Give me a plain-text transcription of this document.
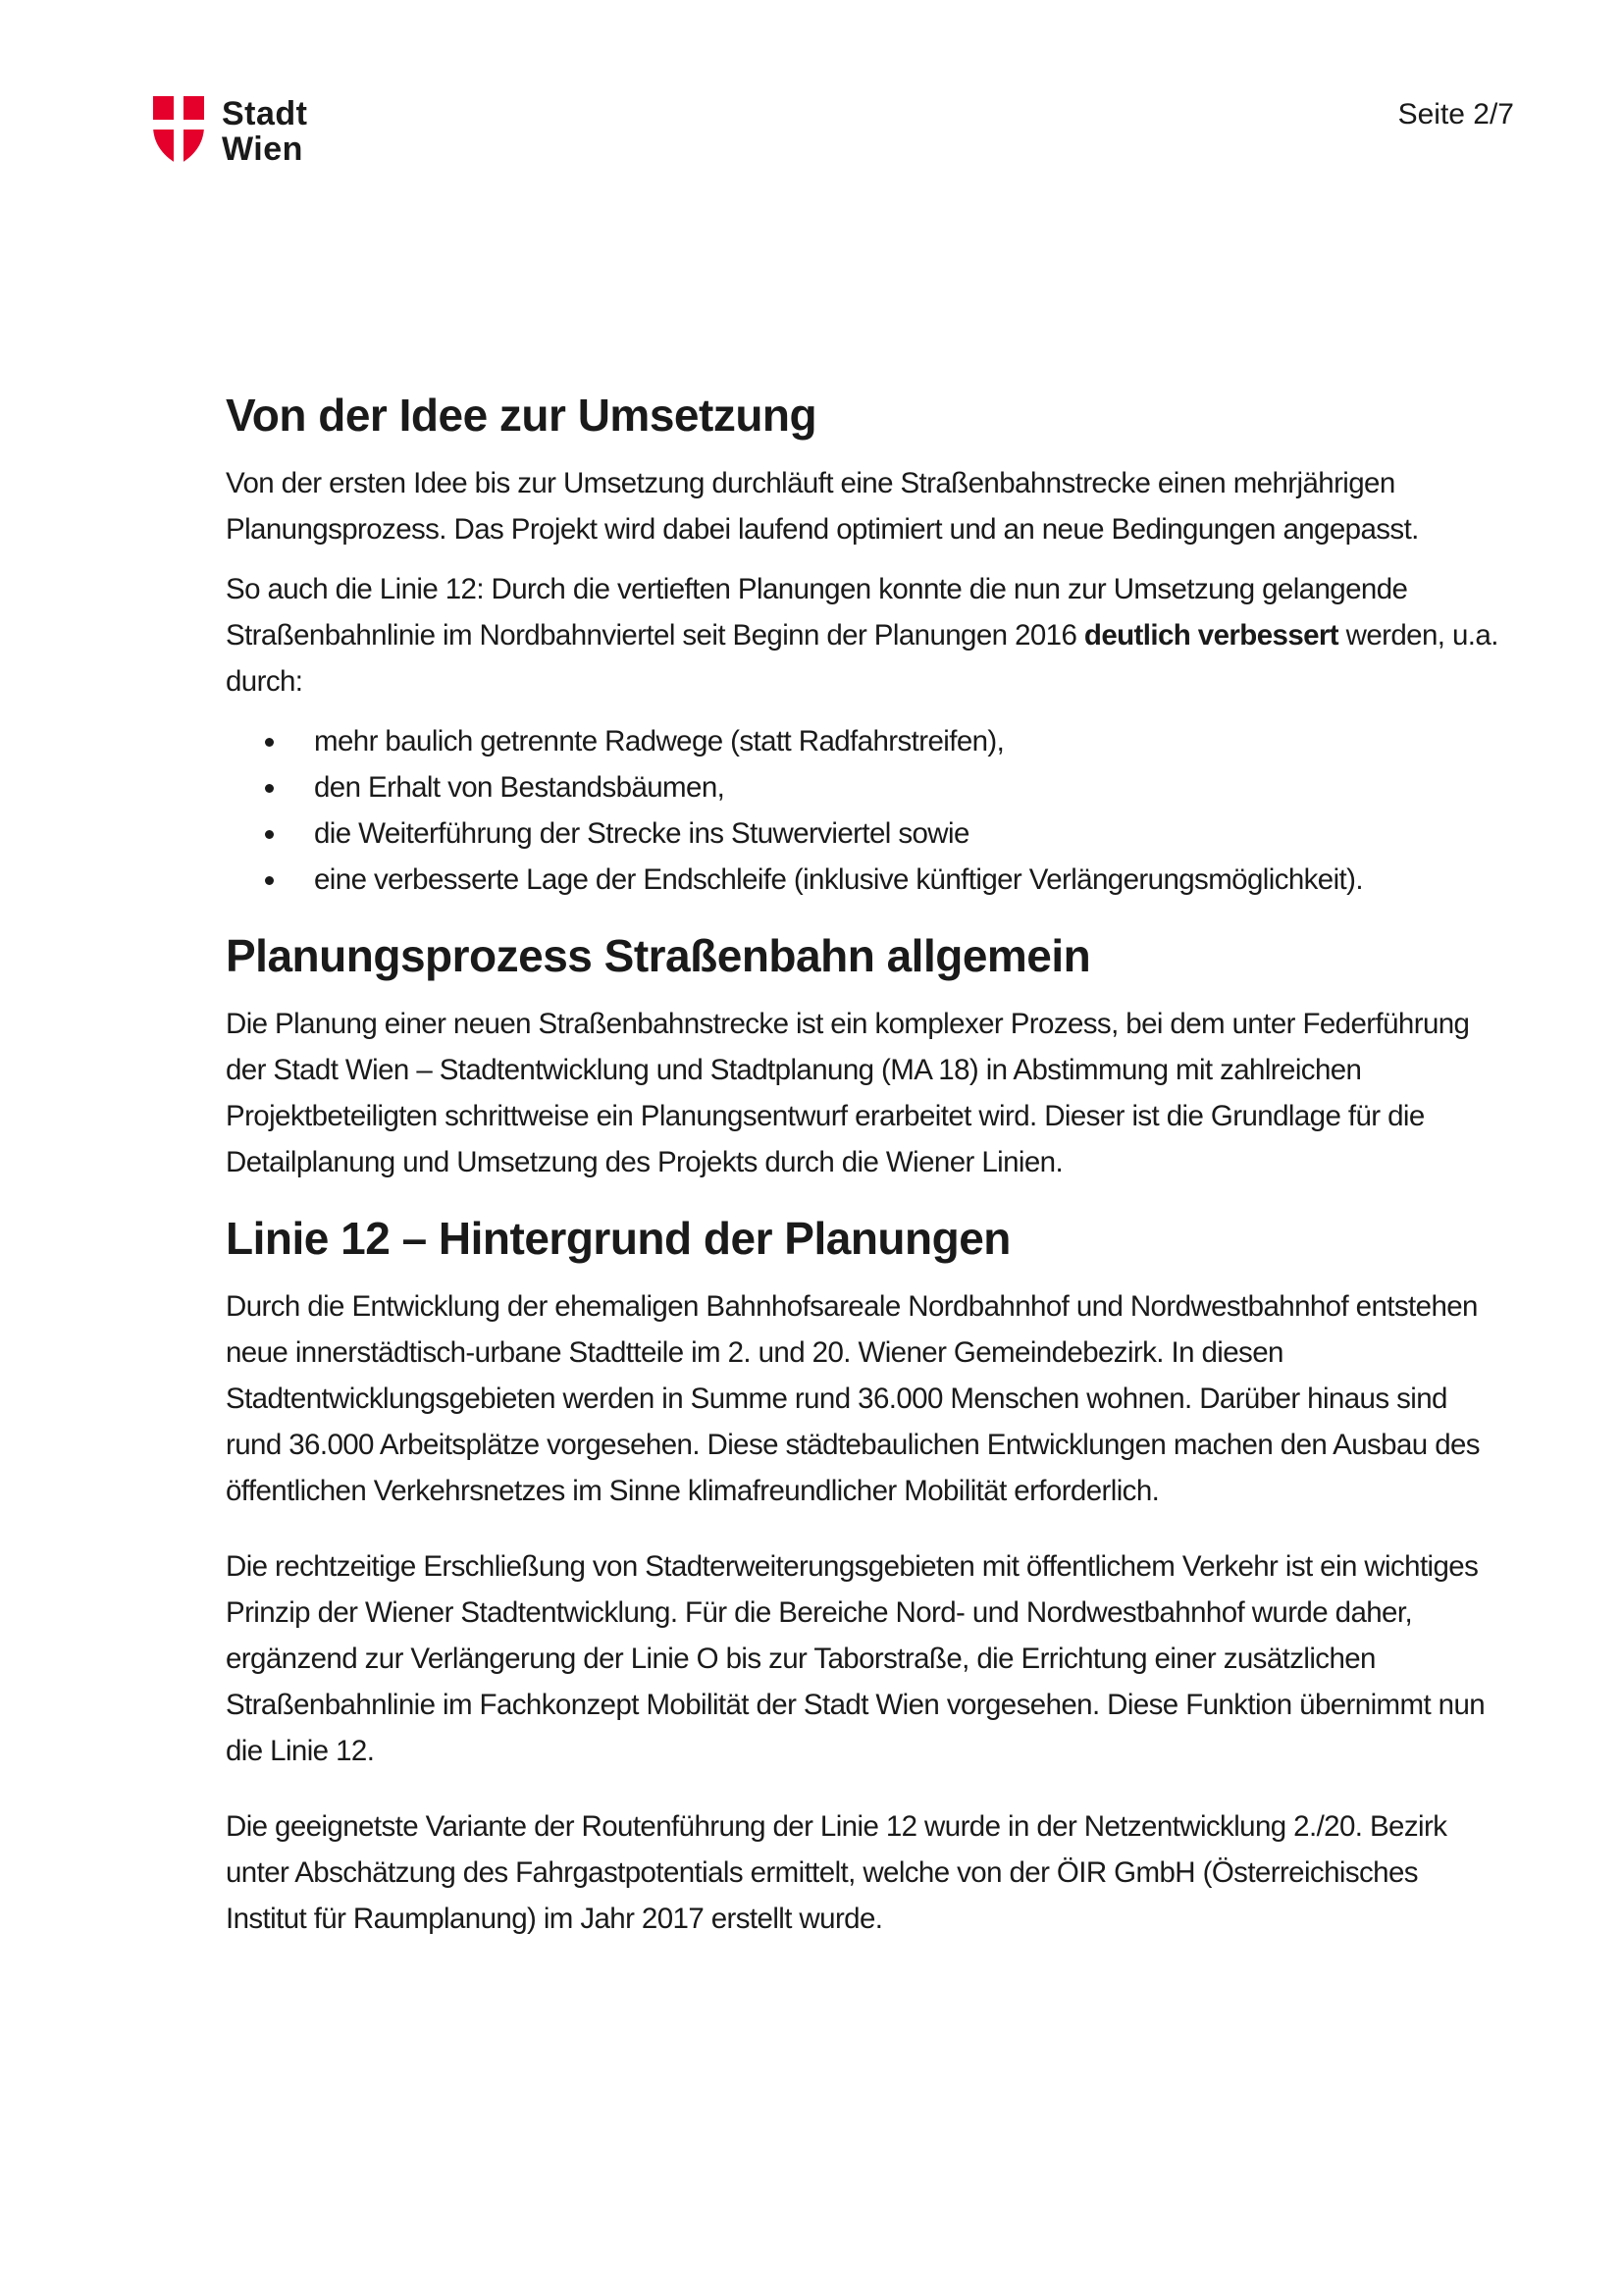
Stadt
Wien
Seite 2/7
Von der Idee zur Umsetzung

Von der ersten Idee bis zur Umsetzung durchläuft eine Straßenbahnstrecke einen mehrjährigen Planungsprozess. Das Projekt wird dabei laufend optimiert und an neue Bedingungen angepasst.

So auch die Linie 12: Durch die vertieften Planungen konnte die nun zur Umsetzung gelangende Straßenbahnlinie im Nordbahnviertel seit Beginn der Planungen 2016 deutlich verbessert werden, u.a. durch:

mehr baulich getrennte Radwege (statt Radfahrstreifen),
den Erhalt von Bestandsbäumen,
die Weiterführung der Strecke ins Stuwerviertel sowie
eine verbesserte Lage der Endschleife (inklusive künftiger Verlängerungsmöglichkeit).
Planungsprozess Straßenbahn allgemein

Die Planung einer neuen Straßenbahnstrecke ist ein komplexer Prozess, bei dem unter Federführung der Stadt Wien – Stadtentwicklung und Stadtplanung (MA 18) in Abstimmung mit zahlreichen Projektbeteiligten schrittweise ein Planungsentwurf erarbeitet wird. Dieser ist die Grundlage für die Detailplanung und Umsetzung des Projekts durch die Wiener Linien.

Linie 12 – Hintergrund der Planungen

Durch die Entwicklung der ehemaligen Bahnhofsareale Nordbahnhof und Nordwestbahnhof entstehen neue innerstädtisch-urbane Stadtteile im 2. und 20. Wiener Gemeindebezirk. In diesen Stadtentwicklungsgebieten werden in Summe rund 36.000 Menschen wohnen. Darüber hinaus sind rund 36.000 Arbeitsplätze vorgesehen. Diese städtebaulichen Entwicklungen machen den Ausbau des öffentlichen Verkehrsnetzes im Sinne klimafreundlicher Mobilität erforderlich.

Die rechtzeitige Erschließung von Stadterweiterungsgebieten mit öffentlichem Verkehr ist ein wichtiges Prinzip der Wiener Stadtentwicklung. Für die Bereiche Nord- und Nordwestbahnhof wurde daher, ergänzend zur Verlängerung der Linie O bis zur Taborstraße, die Errichtung einer zusätzlichen Straßenbahnlinie im Fachkonzept Mobilität der Stadt Wien vorgesehen. Diese Funktion übernimmt nun die Linie 12.

Die geeignetste Variante der Routenführung der Linie 12 wurde in der Netzentwicklung 2./20. Bezirk unter Abschätzung des Fahrgastpotentials ermittelt, welche von der ÖIR GmbH (Österreichisches Institut für Raumplanung) im Jahr 2017 erstellt wurde.
